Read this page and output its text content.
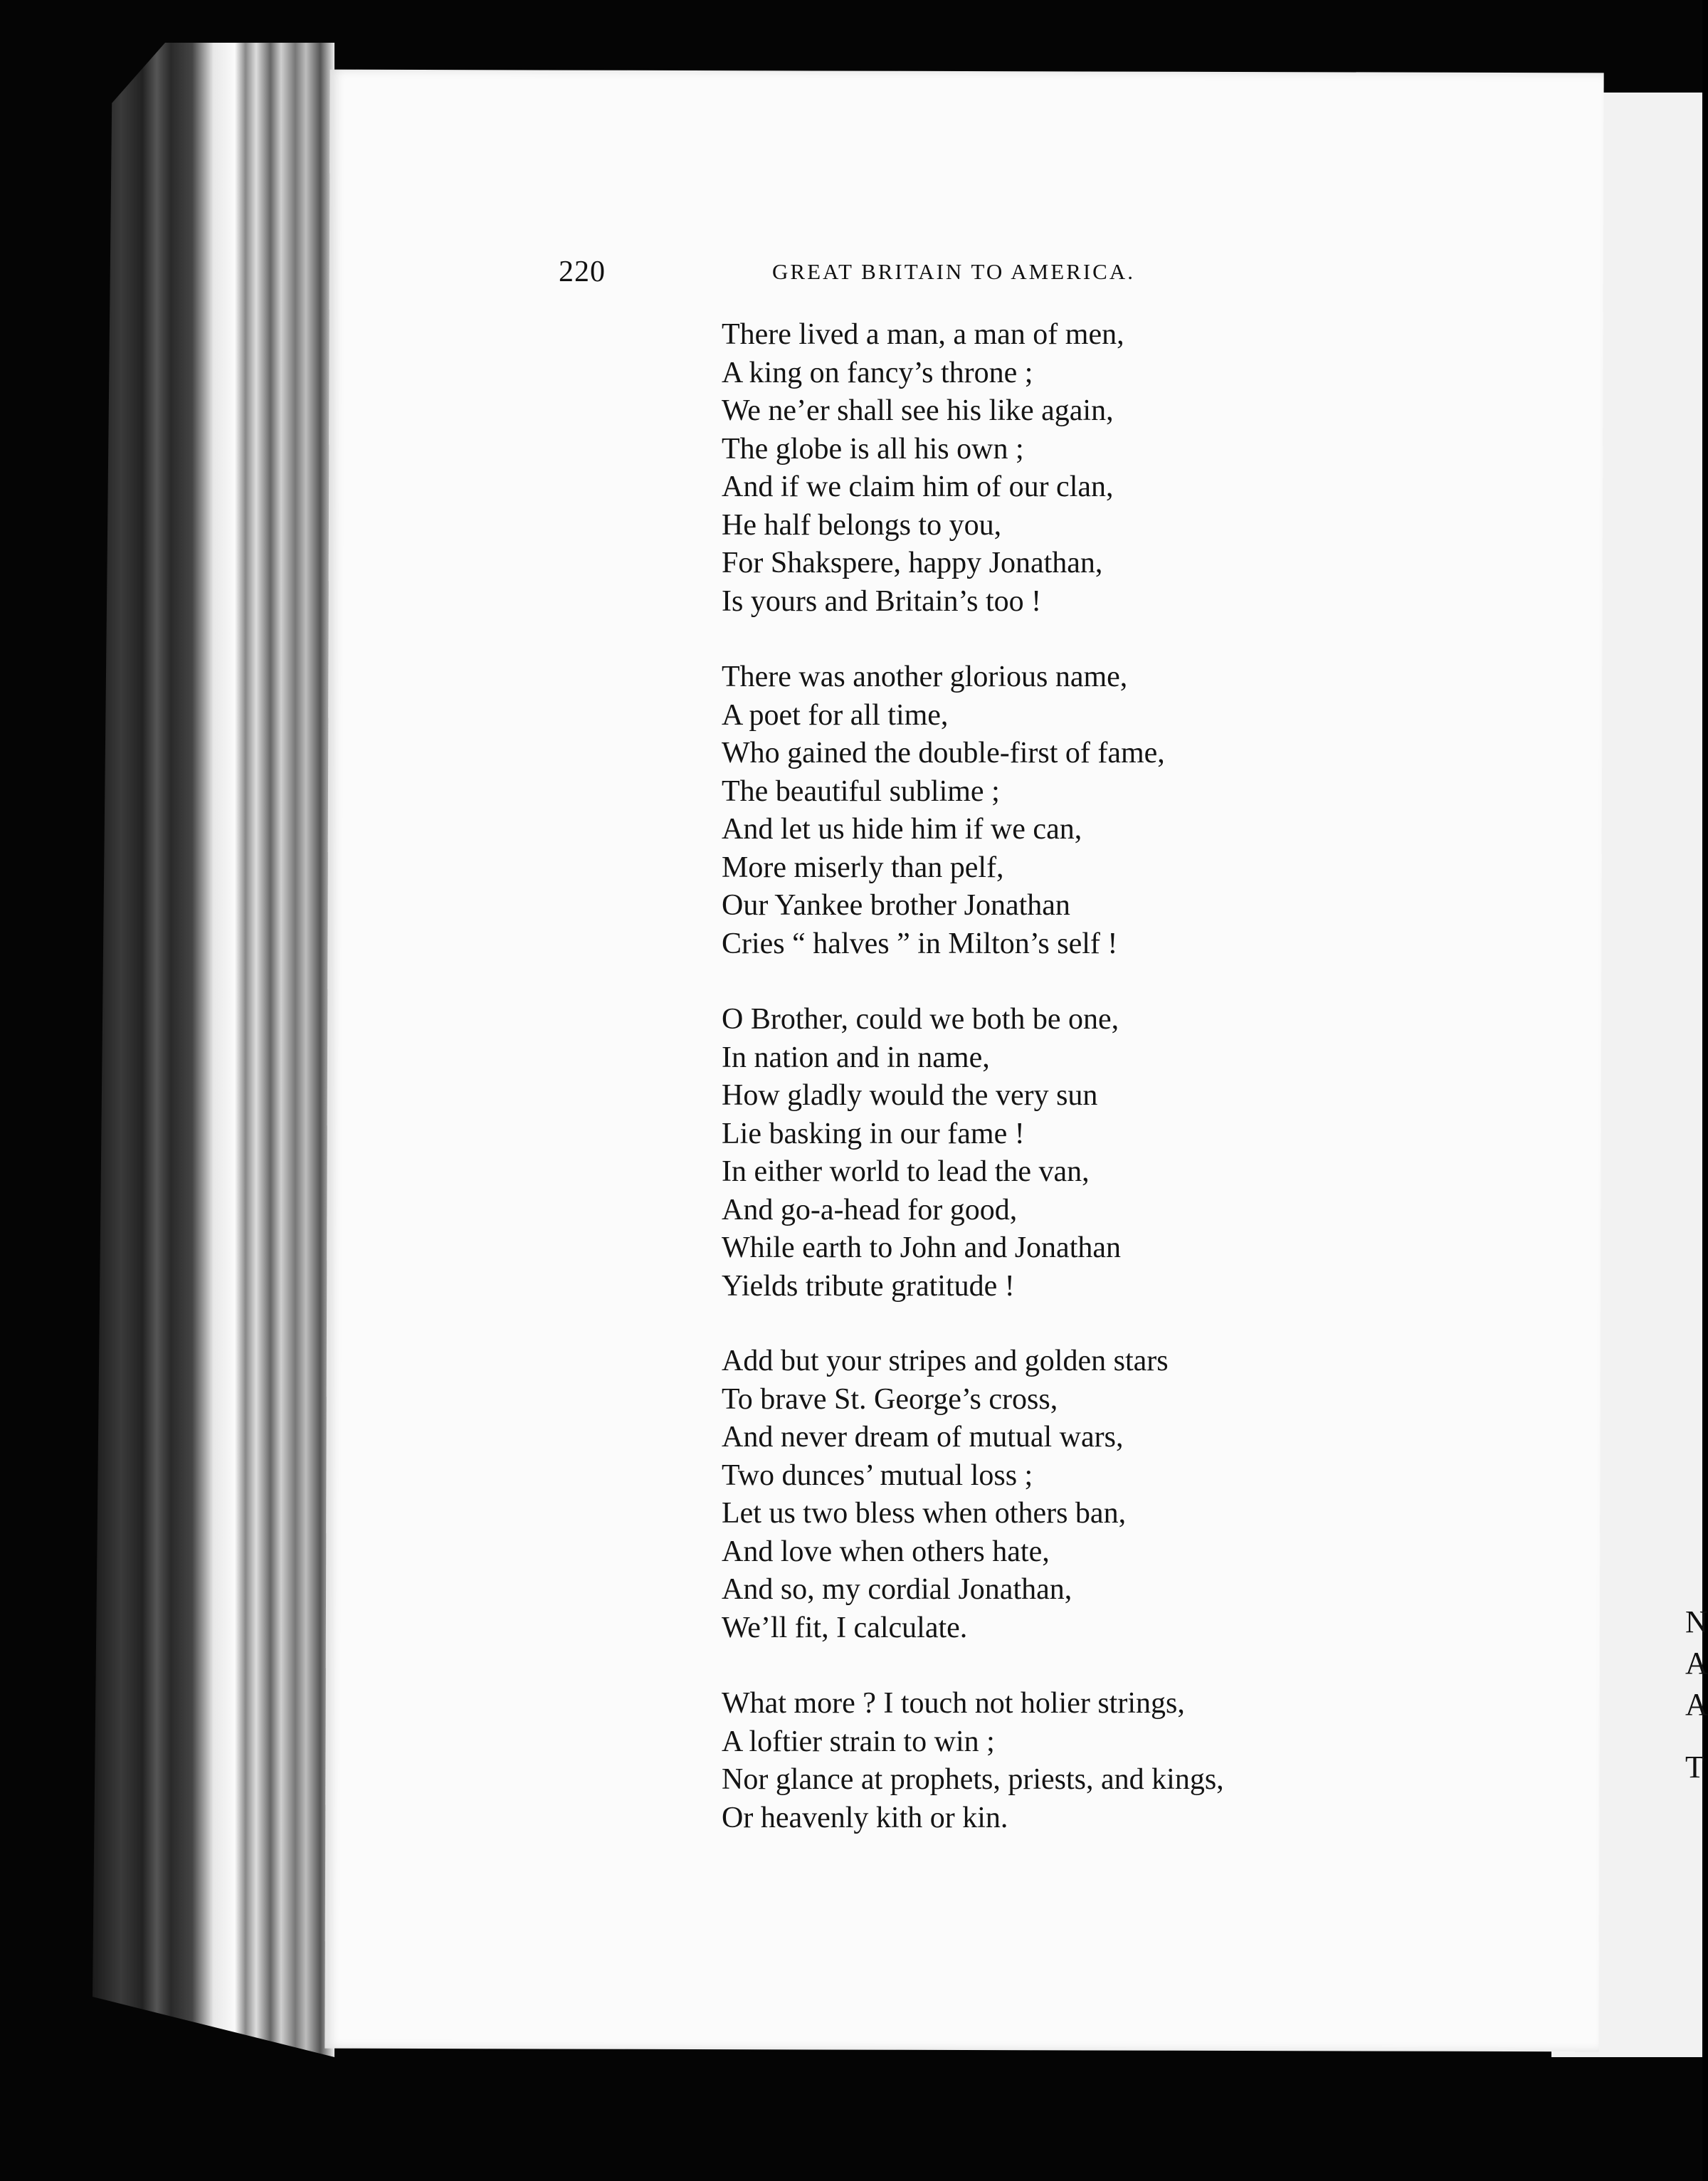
N
A
A
T
220	GREAT BRITAIN TO AMERICA.
There lived a man, a man of men,
A king on fancy’s throne ;
We ne’er shall see his like again,
The globe is all his own ;
And if we claim him of our clan,
He half belongs to you,
For Shakspere, happy Jonathan,
Is yours and Britain’s too !
There was another glorious name,
A poet for all time,
Who gained the double-first of fame,
The beautiful sublime ;
And let us hide him if we can,
More miserly than pelf,
Our Yankee brother Jonathan
Cries “ halves ” in Milton’s self !
O Brother, could we both be one,
In nation and in name,
How gladly would the very sun
Lie basking in our fame !
In either world to lead the van,
And go-a-head for good,
While earth to John and Jonathan
Yields tribute gratitude !
Add but your stripes and golden stars
To brave St. George’s cross,
And never dream of mutual wars,
Two dunces’ mutual loss ;
Let us two bless when others ban,
And love when others hate,
And so, my cordial Jonathan,
We’ll fit, I calculate.
What more ? I touch not holier strings,
A loftier strain to win ;
Nor glance at prophets, priests, and kings,
Or heavenly kith or kin.
